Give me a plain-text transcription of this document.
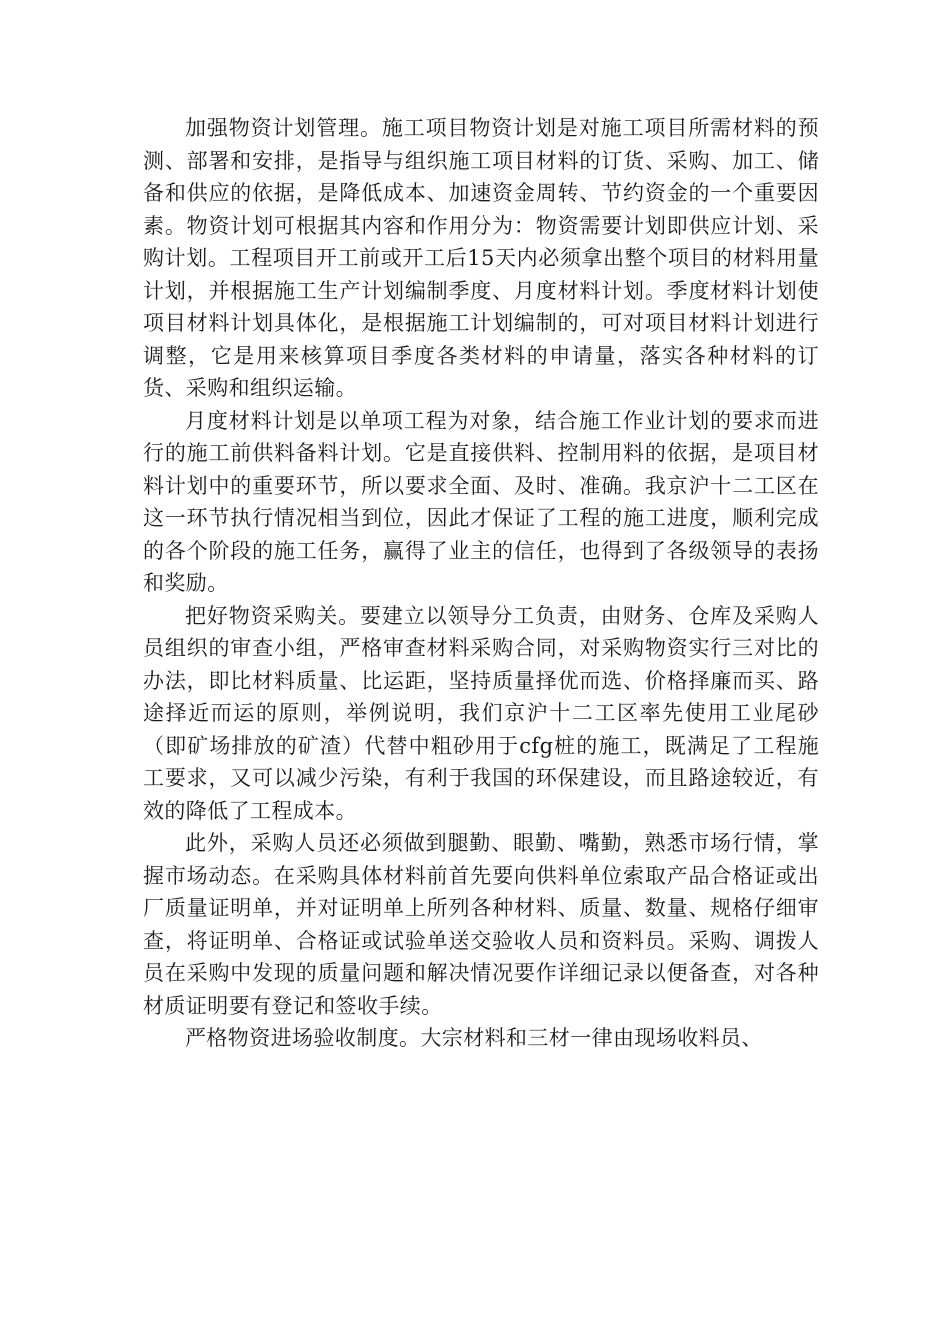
加强物资计划管理。施工项目物资计划是对施工项目所需材料的预测、部署和安排，是指导与组织施工项目材料的订货、采购、加工、储备和供应的依据，是降低成本、加速资金周转、节约资金的一个重要因素。物资计划可根据其内容和作用分为：物资需要计划即供应计划、采购计划。工程项目开工前或开工后15天内必须拿出整个项目的材料用量计划，并根据施工生产计划编制季度、月度材料计划。季度材料计划使项目材料计划具体化，是根据施工计划编制的，可对项目材料计划进行调整，它是用来核算项目季度各类材料的申请量，落实各种材料的订货、采购和组织运输。

月度材料计划是以单项工程为对象，结合施工作业计划的要求而进行的施工前供料备料计划。它是直接供料、控制用料的依据，是项目材料计划中的重要环节，所以要求全面、及时、准确。我京沪十二工区在这一环节执行情况相当到位，因此才保证了工程的施工进度，顺利完成的各个阶段的施工任务，赢得了业主的信任，也得到了各级领导的表扬和奖励。

把好物资采购关。要建立以领导分工负责，由财务、仓库及采购人员组织的审查小组，严格审查材料采购合同，对采购物资实行三对比的办法，即比材料质量、比运距，坚持质量择优而选、价格择廉而买、路途择近而运的原则，举例说明，我们京沪十二工区率先使用工业尾砂（即矿场排放的矿渣）代替中粗砂用于cfg桩的施工，既满足了工程施工要求，又可以减少污染，有利于我国的环保建设，而且路途较近，有效的降低了工程成本。

此外，采购人员还必须做到腿勤、眼勤、嘴勤，熟悉市场行情，掌握市场动态。在采购具体材料前首先要向供料单位索取产品合格证或出厂质量证明单，并对证明单上所列各种材料、质量、数量、规格仔细审查，将证明单、合格证或试验单送交验收人员和资料员。采购、调拨人员在采购中发现的质量问题和解决情况要作详细记录以便备查，对各种材质证明要有登记和签收手续。

严格物资进场验收制度。大宗材料和三材一律由现场收料员、
